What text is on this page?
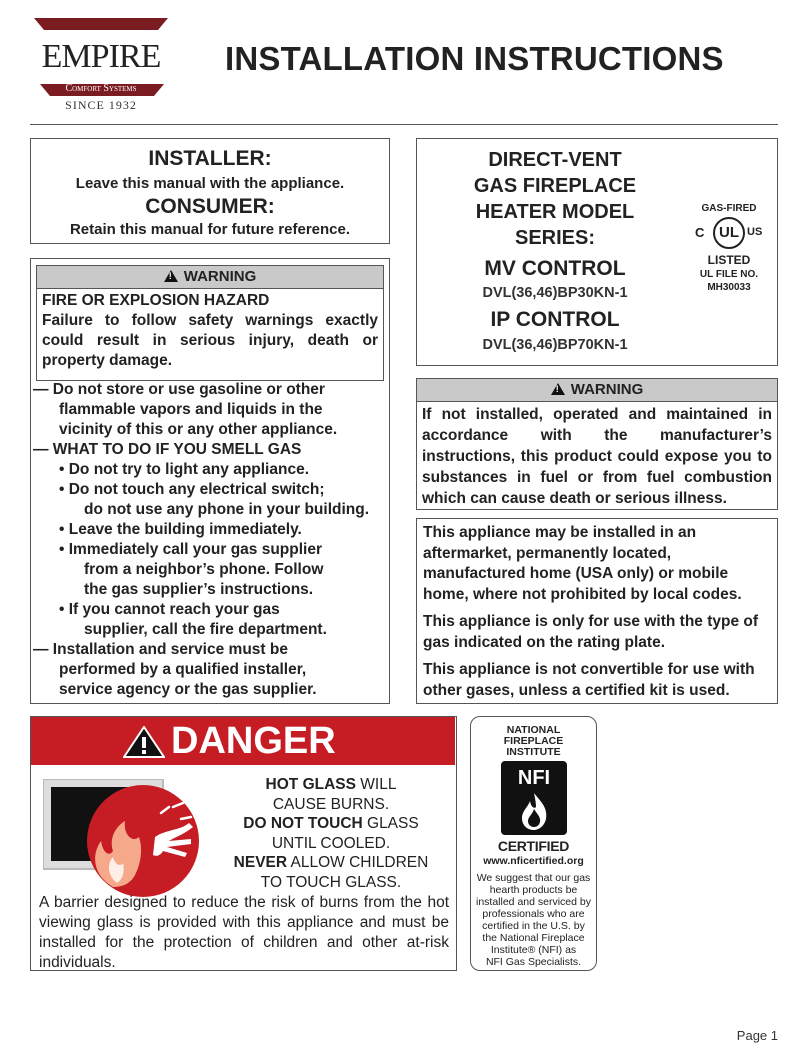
EMPIRE
Comfort Systems
SINCE 1932
INSTALLATION INSTRUCTIONS
INSTALLER:
Leave this manual with the appliance.
CONSUMER:
Retain this manual for future reference.
!WARNING
FIRE OR EXPLOSION HAZARD
Failure to follow safety warnings exactly could result in serious injury, death or property damage.
— Do not store or use gasoline or other
flammable vapors and liquids in the
vicinity of this or any other appliance.
— WHAT TO DO IF YOU SMELL GAS
• Do not try to light any appliance.
• Do not touch any electrical switch;
do not use any phone in your building.
• Leave the building immediately.
• Immediately call your gas supplier
from a neighbor’s phone. Follow
the gas supplier’s instructions.
• If you cannot reach your gas
supplier, call the fire department.
— Installation and service must be
performed by a qualified installer,
service agency or the gas supplier.
DIRECT-VENT
GAS FIREPLACE
HEATER MODEL
SERIES:
MV CONTROL
DVL(36,46)BP30KN-1
IP CONTROL
DVL(36,46)BP70KN-1
GAS-FIRED
UL
C	US
LISTED
UL FILE NO.
MH30033
!WARNING
If not installed, operated and maintained in accordance with the manufacturer’s instructions, this product could expose you to substances in fuel or from fuel combustion which can cause death or serious illness.

This appliance may be installed in an aftermarket, permanently located, manufactured home (USA only) or mobile home, where not prohibited by local codes.

This appliance is only for use with the type of gas indicated on the rating plate.

This appliance is not convertible for use with other gases, unless a certified kit is used.

DANGER
HOT GLASS WILL
CAUSE BURNS.
DO NOT TOUCH GLASS
UNTIL COOLED.
NEVER ALLOW CHILDREN
TO TOUCH GLASS.
A barrier designed to reduce the risk of burns from the hot viewing glass is provided with this appliance and must be installed for the protection of children and other at-risk individuals.
NATIONAL
FIREPLACE
INSTITUTE
NFI
CERTIFIED
www.nficertified.org
We suggest that our gas
hearth products be
installed and serviced by
professionals who are
certified in the U.S. by
the National Fireplace
Institute® (NFI) as
NFI Gas Specialists.
Page 1
